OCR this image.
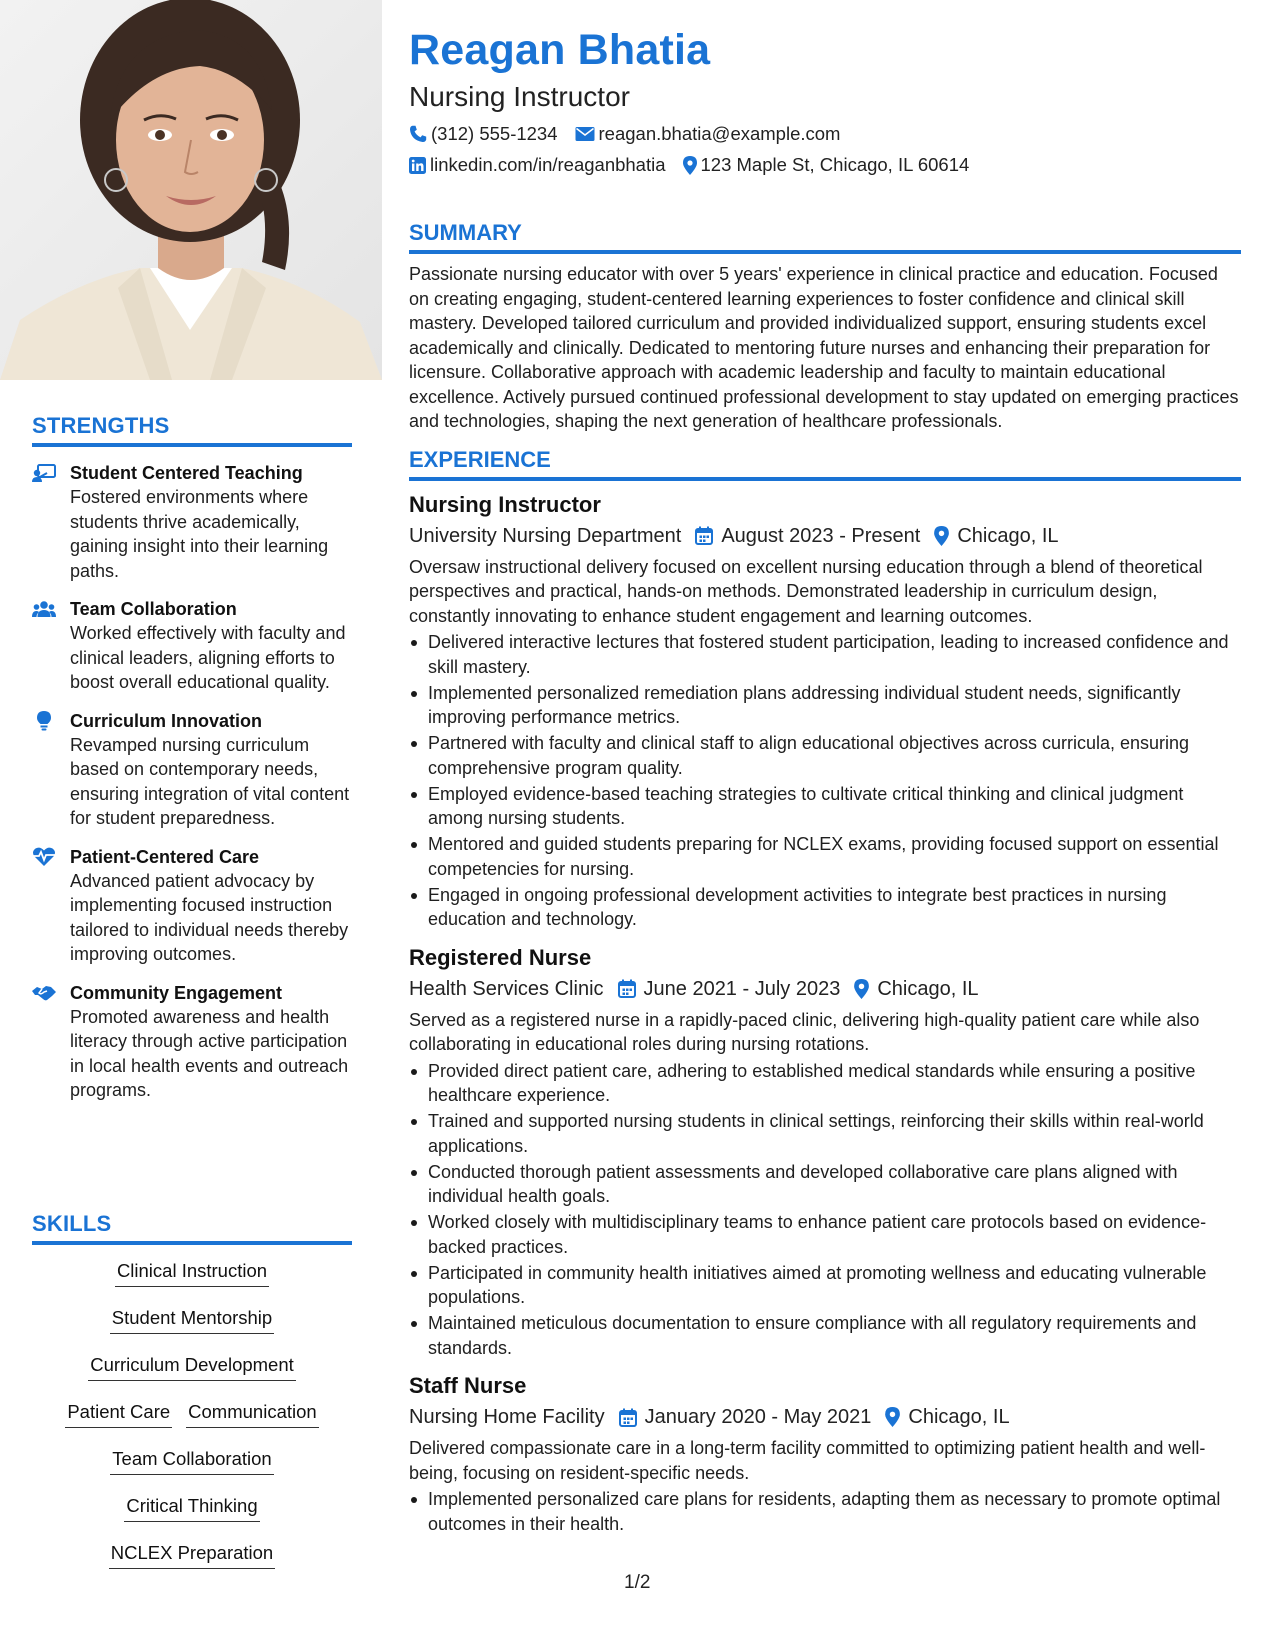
STRENGTHS
Student Centered Teaching
Fostered environments where students thrive academically, gaining insight into their learning paths.
Team Collaboration
Worked effectively with faculty and clinical leaders, aligning efforts to boost overall educational quality.
Curriculum Innovation
Revamped nursing curriculum based on contemporary needs, ensuring integration of vital content for student preparedness.
Patient-Centered Care
Advanced patient advocacy by implementing focused instruction tailored to individual needs thereby improving outcomes.
Community Engagement
Promoted awareness and health literacy through active participation in local health events and outreach programs.
SKILLS
Clinical Instruction
Student Mentorship
Curriculum Development
Patient Care Communication
Team Collaboration
Critical Thinking
NCLEX Preparation
Reagan Bhatia
Nursing Instructor
(312) 555-1234 reagan.bhatia@example.com
linkedin.com/in/reaganbhatia 123 Maple St, Chicago, IL 60614
SUMMARY
Passionate nursing educator with over 5 years' experience in clinical practice and education. Focused on creating engaging, student-centered learning experiences to foster confidence and clinical skill mastery. Developed tailored curriculum and provided individualized support, ensuring students excel academically and clinically. Dedicated to mentoring future nurses and enhancing their preparation for licensure. Collaborative approach with academic leadership and faculty to maintain educational excellence. Actively pursued continued professional development to stay updated on emerging practices and technologies, shaping the next generation of healthcare professionals.
EXPERIENCE
Nursing Instructor
University Nursing Department August 2023 - Present Chicago, IL
Oversaw instructional delivery focused on excellent nursing education through a blend of theoretical perspectives and practical, hands-on methods. Demonstrated leadership in curriculum design, constantly innovating to enhance student engagement and learning outcomes.
Delivered interactive lectures that fostered student participation, leading to increased confidence and skill mastery.
Implemented personalized remediation plans addressing individual student needs, significantly improving performance metrics.
Partnered with faculty and clinical staff to align educational objectives across curricula, ensuring comprehensive program quality.
Employed evidence-based teaching strategies to cultivate critical thinking and clinical judgment among nursing students.
Mentored and guided students preparing for NCLEX exams, providing focused support on essential competencies for nursing.
Engaged in ongoing professional development activities to integrate best practices in nursing education and technology.
Registered Nurse
Health Services Clinic June 2021 - July 2023 Chicago, IL
Served as a registered nurse in a rapidly-paced clinic, delivering high-quality patient care while also collaborating in educational roles during nursing rotations.
Provided direct patient care, adhering to established medical standards while ensuring a positive healthcare experience.
Trained and supported nursing students in clinical settings, reinforcing their skills within real-world applications.
Conducted thorough patient assessments and developed collaborative care plans aligned with individual health goals.
Worked closely with multidisciplinary teams to enhance patient care protocols based on evidence-backed practices.
Participated in community health initiatives aimed at promoting wellness and educating vulnerable populations.
Maintained meticulous documentation to ensure compliance with all regulatory requirements and standards.
Staff Nurse
Nursing Home Facility January 2020 - May 2021 Chicago, IL
Delivered compassionate care in a long-term facility committed to optimizing patient health and well-being, focusing on resident-specific needs.
Implemented personalized care plans for residents, adapting them as necessary to promote optimal outcomes in their health.
1/2
